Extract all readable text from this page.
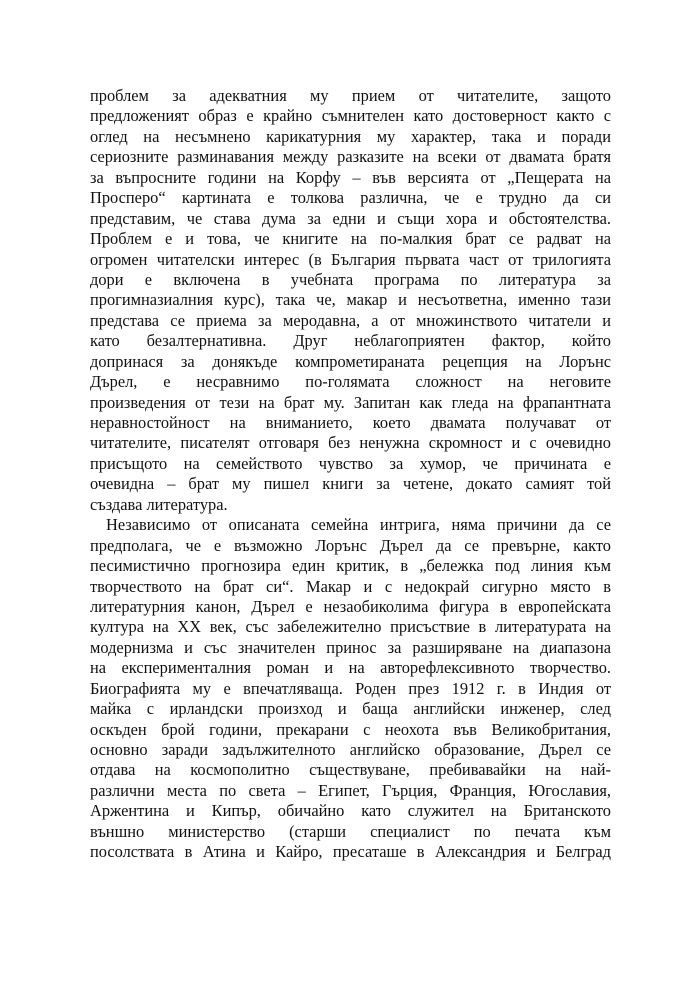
проблем за адекватния му прием от читателите, защото
предложеният образ е крайно съмнителен като достоверност както с
оглед на несъмнено карикатурния му характер, така и поради
сериозните разминавания между разказите на всеки от двамата братя
за въпросните години на Корфу – във версията от „Пещерата на
Просперо“ картината е толкова различна, че е трудно да си
представим, че става дума за едни и същи хора и обстоятелства.
Проблем е и това, че книгите на по-малкия брат се радват на
огромен читателски интерес (в България първата част от трилогията
дори е включена в учебната програма по литература за
прогимназиалния курс), така че, макар и несъответна, именно тази
представа се приема за меродавна, а от множинството читатели и
като безалтернативна. Друг неблагоприятен фактор, който
допринася за донякъде компрометираната рецепция на Лорънс
Дърел, е несравнимо по-голямата сложност на неговите
произведения от тези на брат му. Запитан как гледа на фрапантната
неравностойност на вниманието, което двамата получават от
читателите, писателят отговаря без ненужна скромност и с очевидно
присъщото на семейството чувство за хумор, че причината е
очевидна – брат му пишел книги за четене, докато самият той
създава литература.

Независимо от описаната семейна интрига, няма причини да се
предполага, че е възможно Лорънс Дърел да се превърне, както
песимистично прогнозира един критик, в „бележка под линия към
творчеството на брат си“. Макар и с недокрай сигурно място в
литературния канон, Дърел е незаобиколима фигура в европейската
култура на XX век, със забележително присъствие в литературата на
модернизма и със значителен принос за разширяване на диапазона
на експерименталния роман и на авторефлексивното творчество.
Биографията му е впечатляваща. Роден през 1912 г. в Индия от
майка с ирландски произход и баща английски инженер, след
оскъден брой години, прекарани с неохота във Великобритания,
основно заради задължителното английско образование, Дърел се
отдава на космополитно съществуване, пребивавайки на най-
различни места по света – Египет, Гърция, Франция, Югославия,
Аржентина и Кипър, обичайно като служител на Британското
външно министерство (старши специалист по печата към
посолствата в Атина и Кайро, пресаташе в Александрия и Белград
